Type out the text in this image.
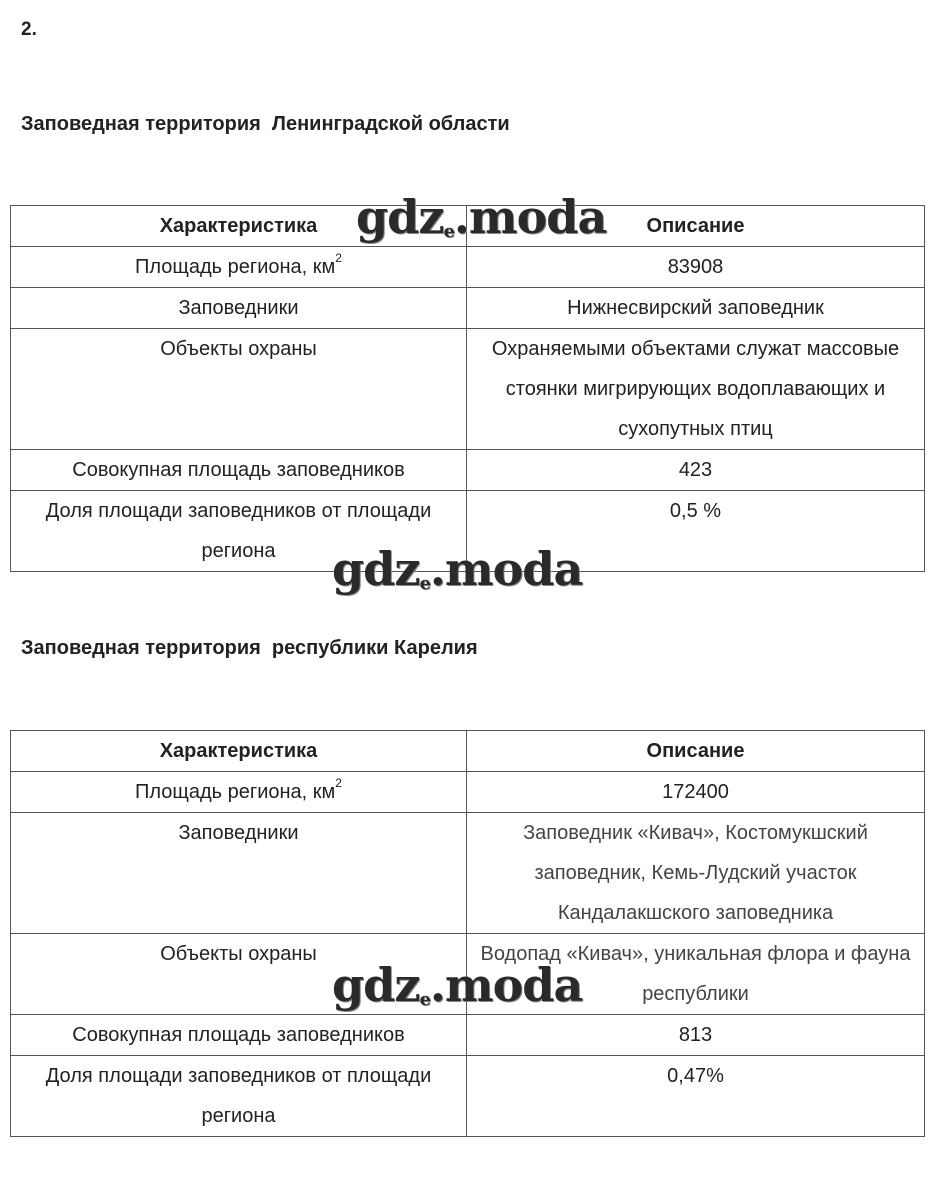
2.

Заповедная территория  Ленинградской области

Характеристика	Описание
Площадь региона, $км^2$	83908
Заповедники	Нижнесвирский заповедник
Объекты охраны	Охраняемыми объектами служат массовые стоянки мигрирующих водоплавающих и сухопутных птиц
Совокупная площадь заповедников	423
Доля площади заповедников от площади региона	0,5 %

Заповедная территория  республики Карелия

Характеристика	Описание
Площадь региона, $км^2$	172400
Заповедники	Заповедник «Кивач», Костомукшский заповедник, Кемь-Лудский участок Кандалакшского заповедника
Объекты охраны	Водопад «Кивач», уникальная флора и фауна республики
Совокупная площадь заповедников	813
Доля площади заповедников от площади региона	0,47%
gdze.moda
gdze.moda
gdze.moda
